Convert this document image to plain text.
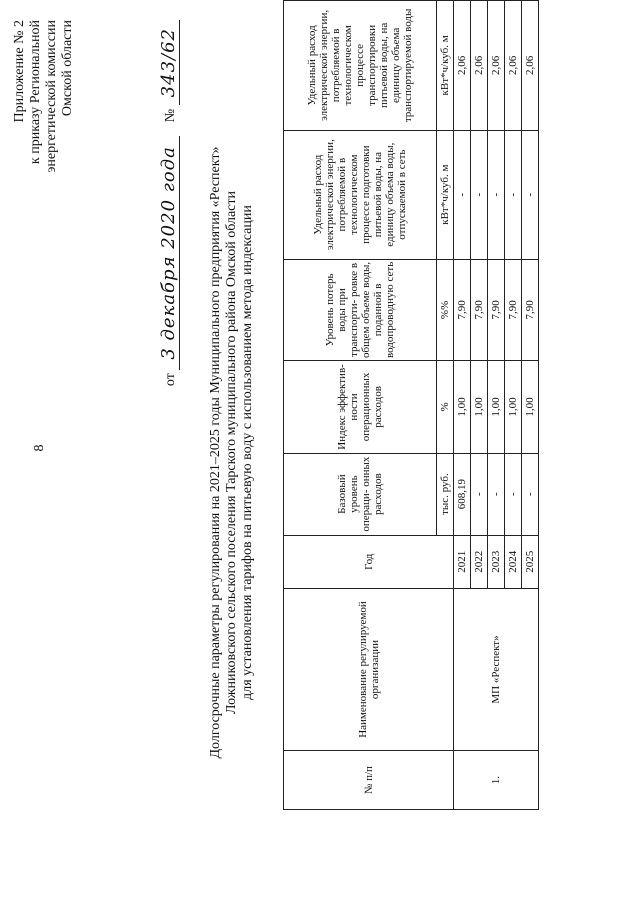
8
Приложение № 2 к приказу Региональной энергетической комиссии Омской области
от 3 декабря 2020 года    № 343/62
Долгосрочные параметры регулирования на 2021–2025 годы Муниципального предприятия «Респект» Ложниковского сельского поселения Тарского муниципального района Омской области для установления тарифов на питьевую воду с использованием метода индексации
№ п/п	Наименование регулируемой организации	Год	Базовый уровень операци- онных расходов	Индекс эффектив- ности операционных расходов	Уровень потерь воды при транспорти- ровке в общем объеме воды, поданной в водопроводную сеть	Удельный расход электрической энергии, потребляемой в технологическом процессе подготовки питьевой воды, на единицу объема воды, отпускаемой в сеть	Удельный расход электрической энергии, потребляемой в технологическом процессе транспортировки питьевой воды, на единицу объема транспортируемой воды
			тыс. руб.	%	%%	кВт*ч/куб. м	кВт*ч/куб. м
1.	МП «Респект»	2021	608,19	1,00	7,90	-	2,06
		2022	-	1,00	7,90	-	2,06
		2023	-	1,00	7,90	-	2,06
		2024	-	1,00	7,90	-	2,06
		2025	-	1,00	7,90	-	2,06
